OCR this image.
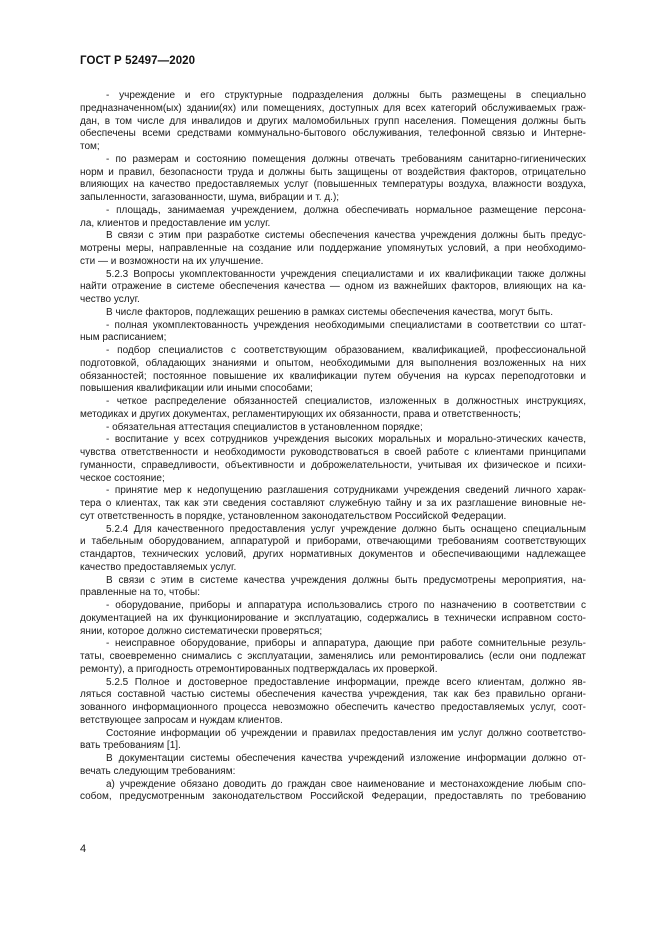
ГОСТ Р 52497—2020
- учреждение и его структурные подразделения должны быть размещены в специально
предназначенном(ых) здании(ях) или помещениях, доступных для всех категорий обслуживаемых граж-
дан, в том числе для инвалидов и других маломобильных групп населения. Помещения должны быть
обеспечены всеми средствами коммунально-бытового обслуживания, телефонной связью и Интерне-
том;
- по размерам и состоянию помещения должны отвечать требованиям санитарно-гигиенических
норм и правил, безопасности труда и должны быть защищены от воздействия факторов, отрицательно
влияющих на качество предоставляемых услуг (повышенных температуры воздуха, влажности воздуха,
запыленности, загазованности, шума, вибрации и т. д.);
- площадь, занимаемая учреждением, должна обеспечивать нормальное размещение персона-
ла, клиентов и предоставление им услуг.
В связи с этим при разработке системы обеспечения качества учреждения должны быть предус-
мотрены меры, направленные на создание или поддержание упомянутых условий, а при необходимо-
сти — и возможности на их улучшение.
5.2.3 Вопросы укомплектованности учреждения специалистами и их квалификации также должны
найти отражение в системе обеспечения качества — одном из важнейших факторов, влияющих на ка-
чество услуг.
В числе факторов, подлежащих решению в рамках системы обеспечения качества, могут быть.
- полная укомплектованность учреждения необходимыми специалистами в соответствии со штат-
ным расписанием;
- подбор специалистов с соответствующим образованием, квалификацией, профессиональной
подготовкой, обладающих знаниями и опытом, необходимыми для выполнения возложенных на них
обязанностей; постоянное повышение их квалификации путем обучения на курсах переподготовки и
повышения квалификации или иными способами;
- четкое распределение обязанностей специалистов, изложенных в должностных инструкциях,
методиках и других документах, регламентирующих их обязанности, права и ответственность;
- обязательная аттестация специалистов в установленном порядке;
- воспитание у всех сотрудников учреждения высоких моральных и морально-этических качеств,
чувства ответственности и необходимости руководствоваться в своей работе с клиентами принципами
гуманности, справедливости, объективности и доброжелательности, учитывая их физическое и психи-
ческое состояние;
- принятие мер к недопущению разглашения сотрудниками учреждения сведений личного харак-
тера о клиентах, так как эти сведения составляют служебную тайну и за их разглашение виновные не-
сут ответственность в порядке, установленном законодательством Российской Федерации.
5.2.4 Для качественного предоставления услуг учреждение должно быть оснащено специальным
и табельным оборудованием, аппаратурой и приборами, отвечающими требованиям соответствующих
стандартов, технических условий, других нормативных документов и обеспечивающими надлежащее
качество предоставляемых услуг.
В связи с этим в системе качества учреждения должны быть предусмотрены мероприятия, на-
правленные на то, чтобы:
- оборудование, приборы и аппаратура использовались строго по назначению в соответствии с
документацией на их функционирование и эксплуатацию, содержались в технически исправном состо-
янии, которое должно систематически проверяться;
- неисправное оборудование, приборы и аппаратура, дающие при работе сомнительные резуль-
таты, своевременно снимались с эксплуатации, заменялись или ремонтировались (если они подлежат
ремонту), а пригодность отремонтированных подтверждалась их проверкой.
5.2.5 Полное и достоверное предоставление информации, прежде всего клиентам, должно яв-
ляться составной частью системы обеспечения качества учреждения, так как без правильно органи-
зованного информационного процесса невозможно обеспечить качество предоставляемых услуг, соот-
ветствующее запросам и нуждам клиентов.
Состояние информации об учреждении и правилах предоставления им услуг должно соответство-
вать требованиям [1].
В документации системы обеспечения качества учреждений изложение информации должно от-
вечать следующим требованиям:
а) учреждение обязано доводить до граждан свое наименование и местонахождение любым спо-
собом, предусмотренным законодательством Российской Федерации, предоставлять по требованию
4
